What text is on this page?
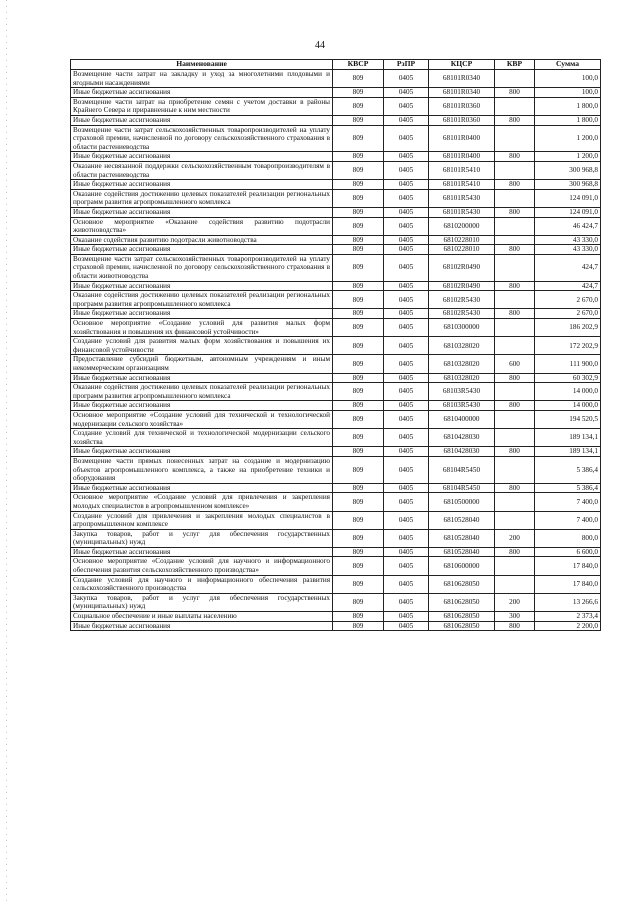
44
Наименование	КВСР	РзПР	КЦСР	КВР	Сумма
Возмещение части затрат на закладку и уход за многолетними плодовыми и ягодными насаждениями	809	0405	68101R0340		100,0
Иные бюджетные ассигнования	809	0405	68101R0340	800	100,0
Возмещение части затрат на приобретение семян с учетом доставки в районы Крайнего Севера и приравненные к ним местности	809	0405	68101R0360		1 800,0
Иные бюджетные ассигнования	809	0405	68101R0360	800	1 800,0
Возмещение части затрат сельскохозяйственных товаропроизводителей на уплату страховой премии, начисленной по договору сельскохозяйственного страхования в области растениеводства	809	0405	68101R0400		1 200,0
Иные бюджетные ассигнования	809	0405	68101R0400	800	1 200,0
Оказание несвязанной поддержки сельскохозяйственным товаропроизводителям в области растениеводства	809	0405	68101R5410		300 968,8
Иные бюджетные ассигнования	809	0405	68101R5410	800	300 968,8
Оказание содействия достижению целевых показателей реализации региональных программ развития агропромышленного комплекса	809	0405	68101R5430		124 091,0
Иные бюджетные ассигнования	809	0405	68101R5430	800	124 091,0
Основное мероприятие «Оказание содействия развитию подотрасли животноводства»	809	0405	6810200000		46 424,7
Оказание содействия развитию подотрасли животноводства	809	0405	6810228010		43 330,0
Иные бюджетные ассигнования	809	0405	6810228010	800	43 330,0
Возмещение части затрат сельскохозяйственных товаропроизводителей на уплату страховой премии, начисленной по договору сельскохозяйственного страхования в области животноводства	809	0405	68102R0490		424,7
Иные бюджетные ассигнования	809	0405	68102R0490	800	424,7
Оказание содействия достижению целевых показателей реализации региональных программ развития агропромышленного комплекса	809	0405	68102R5430		2 670,0
Иные бюджетные ассигнования	809	0405	68102R5430	800	2 670,0
Основное мероприятие «Создание условий для развития малых форм хозяйствования и повышения их финансовой устойчивости»	809	0405	6810300000		186 202,9
Создание условий для развития малых форм хозяйствования и повышения их финансовой устойчивости	809	0405	6810328020		172 202,9
Предоставление субсидий бюджетным, автономным учреждениям и иным некоммерческим организациям	809	0405	6810328020	600	111 900,0
Иные бюджетные ассигнования	809	0405	6810328020	800	60 302,9
Оказание содействия достижению целевых показателей реализации региональных программ развития агропромышленного комплекса	809	0405	68103R5430		14 000,0
Иные бюджетные ассигнования	809	0405	68103R5430	800	14 000,0
Основное мероприятие «Создание условий для технической и технологической модернизации сельского хозяйства»	809	0405	6810400000		194 520,5
Создание условий для технической и технологической модернизации сельского хозяйства	809	0405	6810428030		189 134,1
Иные бюджетные ассигнования	809	0405	6810428030	800	189 134,1
Возмещение части прямых понесенных затрат на создание и модернизацию объектов агропромышленного комплекса, а также на приобретение техники и оборудования	809	0405	68104R5450		5 386,4
Иные бюджетные ассигнования	809	0405	68104R5450	800	5 386,4
Основное мероприятие «Создание условий для привлечения и закрепления молодых специалистов в агропромышленном комплексе»	809	0405	6810500000		7 400,0
Создание условий для привлечения и закрепления молодых специалистов в агропромышленном комплексе	809	0405	6810528040		7 400,0
Закупка товаров, работ и услуг для обеспечения государственных (муниципальных) нужд	809	0405	6810528040	200	800,0
Иные бюджетные ассигнования	809	0405	6810528040	800	6 600,0
Основное мероприятие «Создание условий для научного и информационного обеспечения развития сельскохозяйственного производства»	809	0405	6810600000		17 840,0
Создание условий для научного и информационного обеспечения развития сельскохозяйственного производства	809	0405	6810628050		17 840,0
Закупка товаров, работ и услуг для обеспечения государственных (муниципальных) нужд	809	0405	6810628050	200	13 266,6
Социальное обеспечение и иные выплаты населению	809	0405	6810628050	300	2 373,4
Иные бюджетные ассигнования	809	0405	6810628050	800	2 200,0
